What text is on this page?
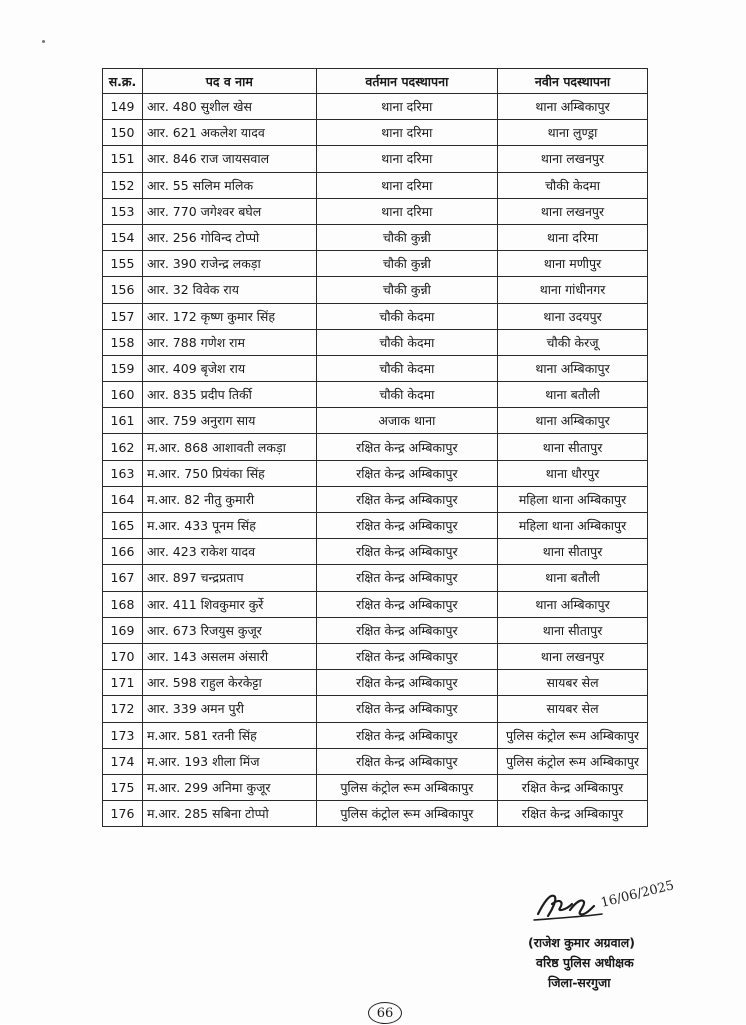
स.क्र.	पद व नाम	वर्तमान पदस्थापना	नवीन पदस्थापना
149	आर. 480 सुशील खेस	थाना दरिमा	थाना अम्बिकापुर
150	आर. 621 अकलेश यादव	थाना दरिमा	थाना लुण्ड्रा
151	आर. 846 राज जायसवाल	थाना दरिमा	थाना लखनपुर
152	आर. 55 सलिम मलिक	थाना दरिमा	चौकी केदमा
153	आर. 770 जगेश्वर बघेल	थाना दरिमा	थाना लखनपुर
154	आर. 256 गोविन्द टोप्पो	चौकी कुन्नी	थाना दरिमा
155	आर. 390 राजेन्द्र लकड़ा	चौकी कुन्नी	थाना मणीपुर
156	आर. 32 विवेक राय	चौकी कुन्नी	थाना गांधीनगर
157	आर. 172 कृष्ण कुमार सिंह	चौकी केदमा	थाना उदयपुर
158	आर. 788 गणेश राम	चौकी केदमा	चौकी केरजू
159	आर. 409 बृजेश राय	चौकी केदमा	थाना अम्बिकापुर
160	आर. 835 प्रदीप तिर्की	चौकी केदमा	थाना बतौली
161	आर. 759 अनुराग साय	अजाक थाना	थाना अम्बिकापुर
162	म.आर. 868 आशावती लकड़ा	रक्षित केन्द्र अम्बिकापुर	थाना सीतापुर
163	म.आर. 750 प्रियंका सिंह	रक्षित केन्द्र अम्बिकापुर	थाना धौरपुर
164	म.आर. 82 नीतु कुमारी	रक्षित केन्द्र अम्बिकापुर	महिला थाना अम्बिकापुर
165	म.आर. 433 पूनम सिंह	रक्षित केन्द्र अम्बिकापुर	महिला थाना अम्बिकापुर
166	आर. 423 राकेश यादव	रक्षित केन्द्र अम्बिकापुर	थाना सीतापुर
167	आर. 897 चन्द्रप्रताप	रक्षित केन्द्र अम्बिकापुर	थाना बतौली
168	आर. 411 शिवकुमार कुर्रे	रक्षित केन्द्र अम्बिकापुर	थाना अम्बिकापुर
169	आर. 673 रिजयुस कुजूर	रक्षित केन्द्र अम्बिकापुर	थाना सीतापुर
170	आर. 143 असलम अंसारी	रक्षित केन्द्र अम्बिकापुर	थाना लखनपुर
171	आर. 598 राहुल केरकेट्टा	रक्षित केन्द्र अम्बिकापुर	सायबर सेल
172	आर. 339 अमन पुरी	रक्षित केन्द्र अम्बिकापुर	सायबर सेल
173	म.आर. 581 रतनी सिंह	रक्षित केन्द्र अम्बिकापुर	पुलिस कंट्रोल रूम अम्बिकापुर
174	म.आर. 193 शीला मिंज	रक्षित केन्द्र अम्बिकापुर	पुलिस कंट्रोल रूम अम्बिकापुर
175	म.आर. 299 अनिमा कुजूर	पुलिस कंट्रोल रूम अम्बिकापुर	रक्षित केन्द्र अम्बिकापुर
176	म.आर. 285 सबिना टोप्पो	पुलिस कंट्रोल रूम अम्बिकापुर	रक्षित केन्द्र अम्बिकापुर
16/06/2025
(राजेश कुमार अग्रवाल)
वरिष्ठ पुलिस अधीक्षक
जिला-सरगुजा
66
